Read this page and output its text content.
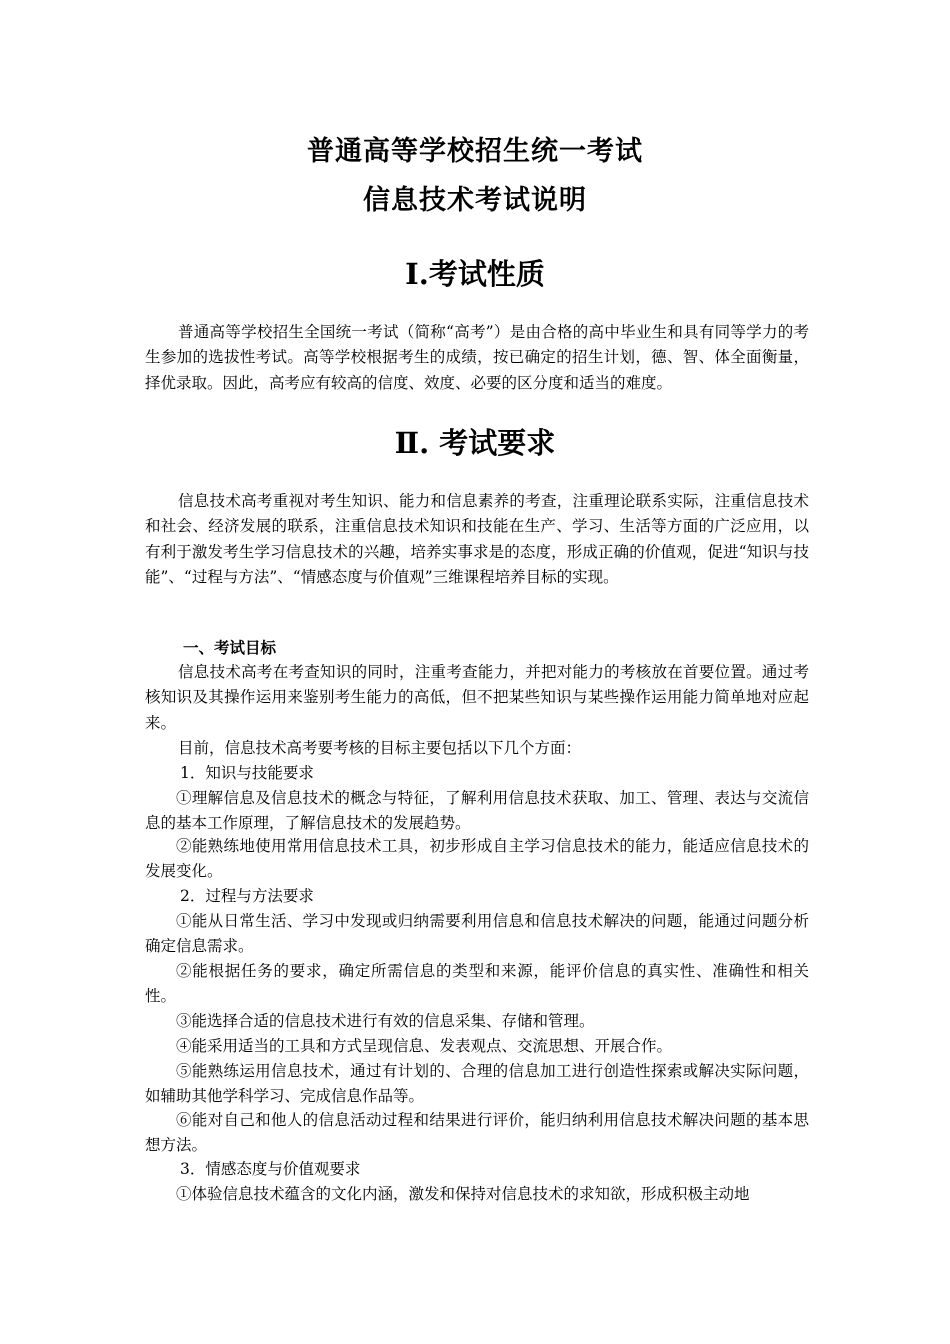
普通高等学校招生统一考试
信息技术考试说明
Ⅰ.考试性质

普通高等学校招生全国统一考试（简称“高考”）是由合格的高中毕业生和具有同等学力的考生参加的选拔性考试。高等学校根据考生的成绩，按已确定的招生计划，德、智、体全面衡量，择优录取。因此，高考应有较高的信度、效度、必要的区分度和适当的难度。

Ⅱ. 考试要求

信息技术高考重视对考生知识、能力和信息素养的考查，注重理论联系实际，注重信息技术和社会、经济发展的联系，注重信息技术知识和技能在生产、学习、生活等方面的广泛应用，以有利于激发考生学习信息技术的兴趣，培养实事求是的态度，形成正确的价值观，促进“知识与技能”、“过程与方法”、“情感态度与价值观”三维课程培养目标的实现。

一、考试目标

信息技术高考在考查知识的同时，注重考查能力，并把对能力的考核放在首要位置。通过考核知识及其操作运用来鉴别考生能力的高低，但不把某些知识与某些操作运用能力简单地对应起来。

目前，信息技术高考要考核的目标主要包括以下几个方面：

1．知识与技能要求

①理解信息及信息技术的概念与特征，了解利用信息技术获取、加工、管理、表达与交流信息的基本工作原理，了解信息技术的发展趋势。

②能熟练地使用常用信息技术工具，初步形成自主学习信息技术的能力，能适应信息技术的发展变化。

2．过程与方法要求

①能从日常生活、学习中发现或归纳需要利用信息和信息技术解决的问题，能通过问题分析确定信息需求。

②能根据任务的要求，确定所需信息的类型和来源，能评价信息的真实性、准确性和相关性。

③能选择合适的信息技术进行有效的信息采集、存储和管理。

④能采用适当的工具和方式呈现信息、发表观点、交流思想、开展合作。

⑤能熟练运用信息技术，通过有计划的、合理的信息加工进行创造性探索或解决实际问题，如辅助其他学科学习、完成信息作品等。

⑥能对自己和他人的信息活动过程和结果进行评价，能归纳利用信息技术解决问题的基本思想方法。

3．情感态度与价值观要求

①体验信息技术蕴含的文化内涵，激发和保持对信息技术的求知欲，形成积极主动地
